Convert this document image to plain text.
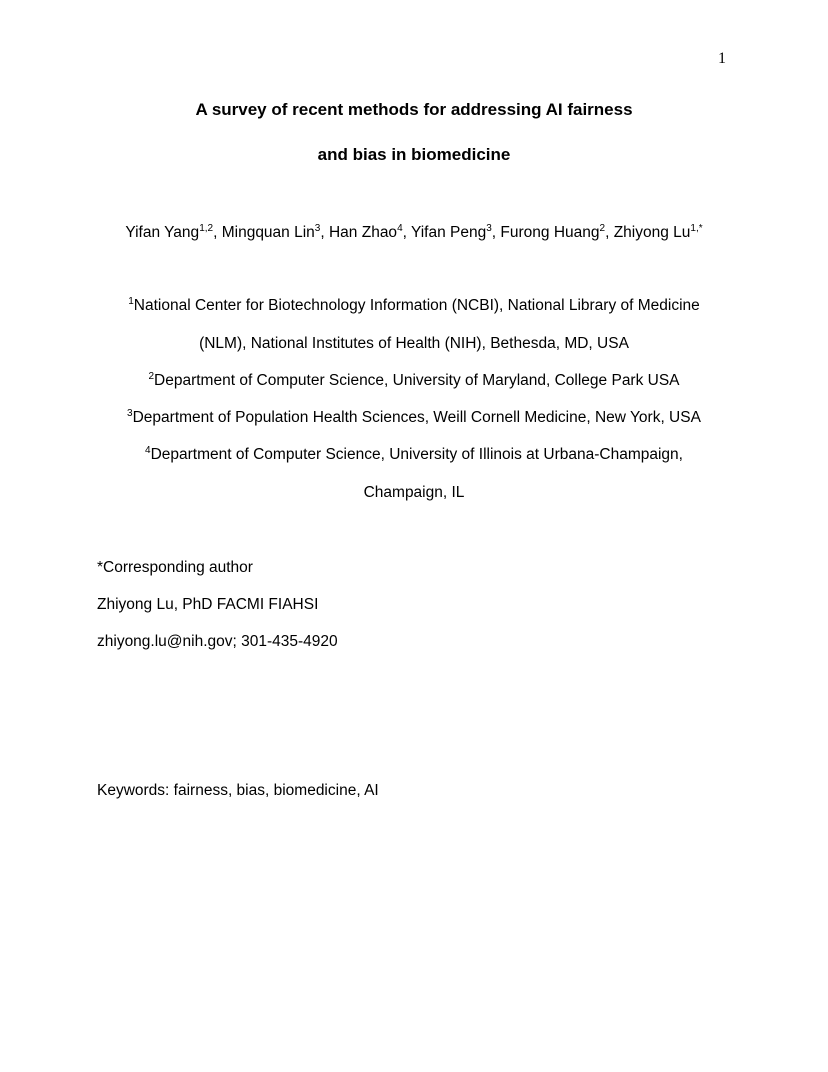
1
A survey of recent methods for addressing AI fairness
and bias in biomedicine
Yifan Yang$^{1,2}$, Mingquan Lin$^3$, Han Zhao$^4$, Yifan Peng$^3$, Furong Huang$^2$, Zhiyong $Lu^{1,*}$
$^1$National Center for Biotechnology Information (NCBI), National Library of Medicine
(NLM), National Institutes of Health (NIH), Bethesda, MD, USA
$^2$Department of Computer Science, University of Maryland, College Park USA
$^3$Department of Population Health Sciences, Weill Cornell Medicine, New York, USA
$^4$Department of Computer Science, University of Illinois at Urbana-Champaign,
Champaign, IL
*Corresponding author
Zhiyong Lu, PhD FACMI FIAHSI
zhiyong.lu@nih.gov; 301-435-4920
Keywords: fairness, bias, biomedicine, AI
